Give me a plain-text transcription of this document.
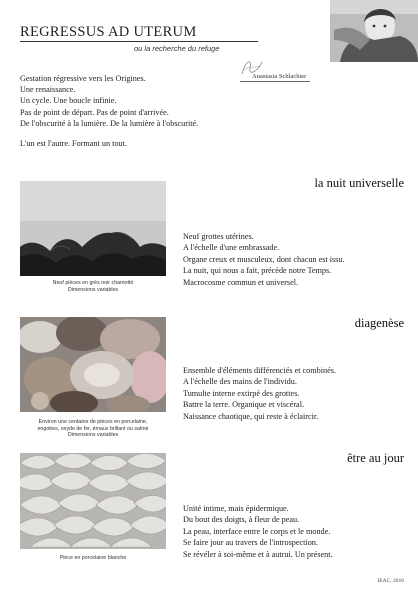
REGRESSUS AD UTERUM
ou la recherche du refuge
Anastasia Schlachter
Gestation régressive vers les Origines.
Une renaissance.
Un cycle. Une boucle infinie.
Pas de point de départ. Pas de point d'arrivée.
De l'obscurité à la lumière. De la lumière à l'obscurité.
L'un est l'autre. Formant un tout.
la nuit universelle
Neuf pièces en grès noir chamotté
Dimensions variables
Neuf grottes utérines.
A l'échelle d'une embrassade.
Organe creux et musculeux, dont chacun est issu.
La nuit, qui nous a fait, précède notre Temps.
Macrocosme commun et universel.
diagenèse
Environ une centaine de pièces en porcelaine,
engobes, oxyde de fer, émaux brillant ou satiné
Dimensions variables
Ensemble d'éléments différenciés et combinés.
A l'échelle des mains de l'individu.
Tumulte interne extirpé des grottes.
Battre la terre. Organique et viscéral.
Naissance chaotique, qui reste à éclaircir.
être au jour
Pièce en porcelaine blanche
Unité intime, mais épidermique.
Du bout des doigts, à fleur de peau.
La peau, interface entre le corps et le monde.
Se faire jour au travers de l'introspection.
Se révéler à soi-même et à autrui. Un présent.
IEAC, 2016
